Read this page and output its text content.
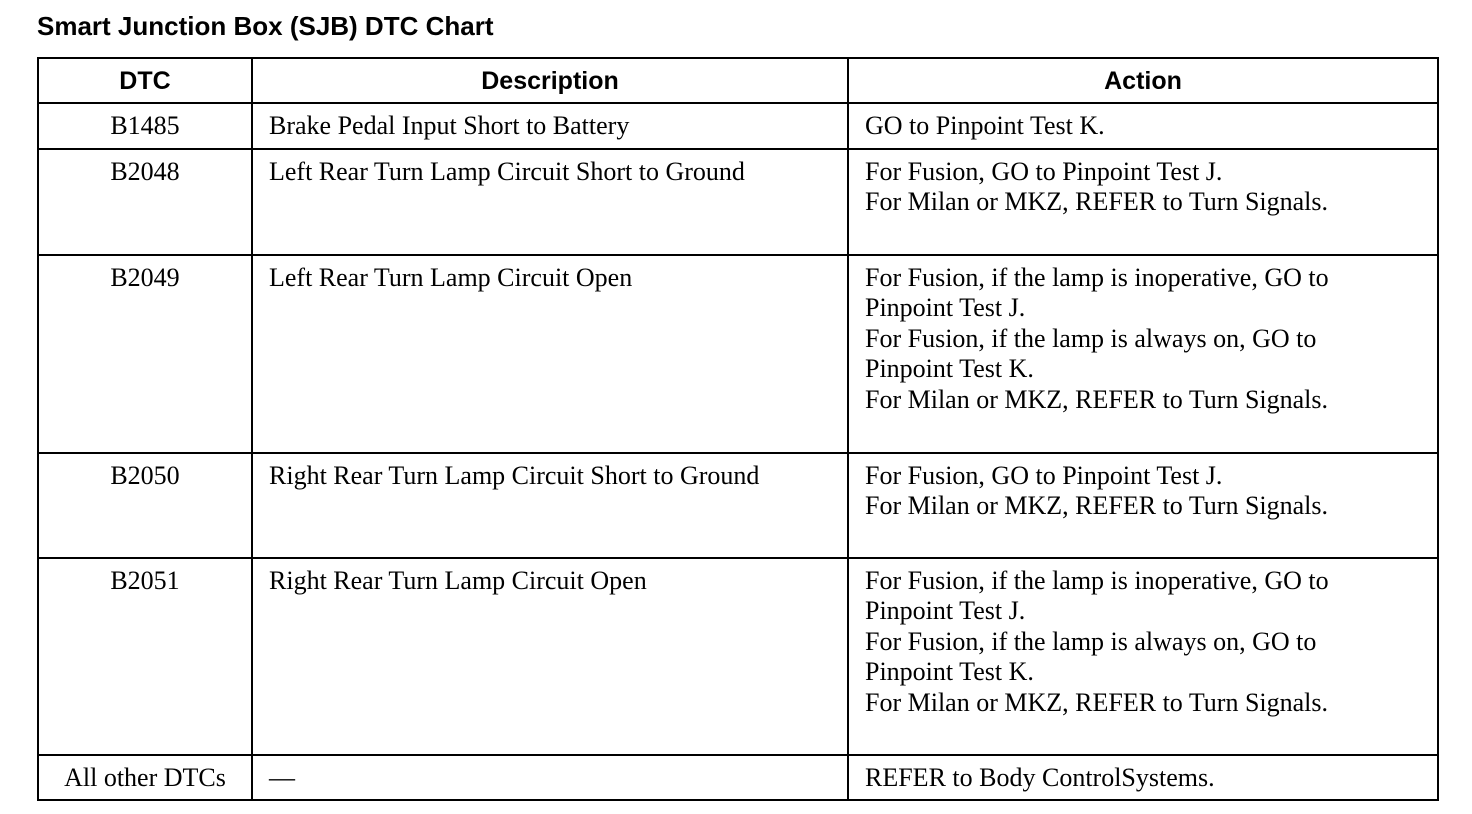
Smart Junction Box (SJB) DTC Chart
DTC	Description	Action
B1485	Brake Pedal Input Short to Battery	GO to Pinpoint Test K.

B2048	Left Rear Turn Lamp Circuit Short to Ground	For Fusion, GO to Pinpoint Test J.
For Milan or MKZ, REFER to Turn Signals.

B2049	Left Rear Turn Lamp Circuit Open	For Fusion, if the lamp is inoperative, GO to
Pinpoint Test J.
For Fusion, if the lamp is always on, GO to
Pinpoint Test K.
For Milan or MKZ, REFER to Turn Signals.

B2050	Right Rear Turn Lamp Circuit Short to Ground	For Fusion, GO to Pinpoint Test J.
For Milan or MKZ, REFER to Turn Signals.

B2051	Right Rear Turn Lamp Circuit Open	For Fusion, if the lamp is inoperative, GO to
Pinpoint Test J.
For Fusion, if the lamp is always on, GO to
Pinpoint Test K.
For Milan or MKZ, REFER to Turn Signals.

All other DTCs	—	REFER to Body ControlSystems.
